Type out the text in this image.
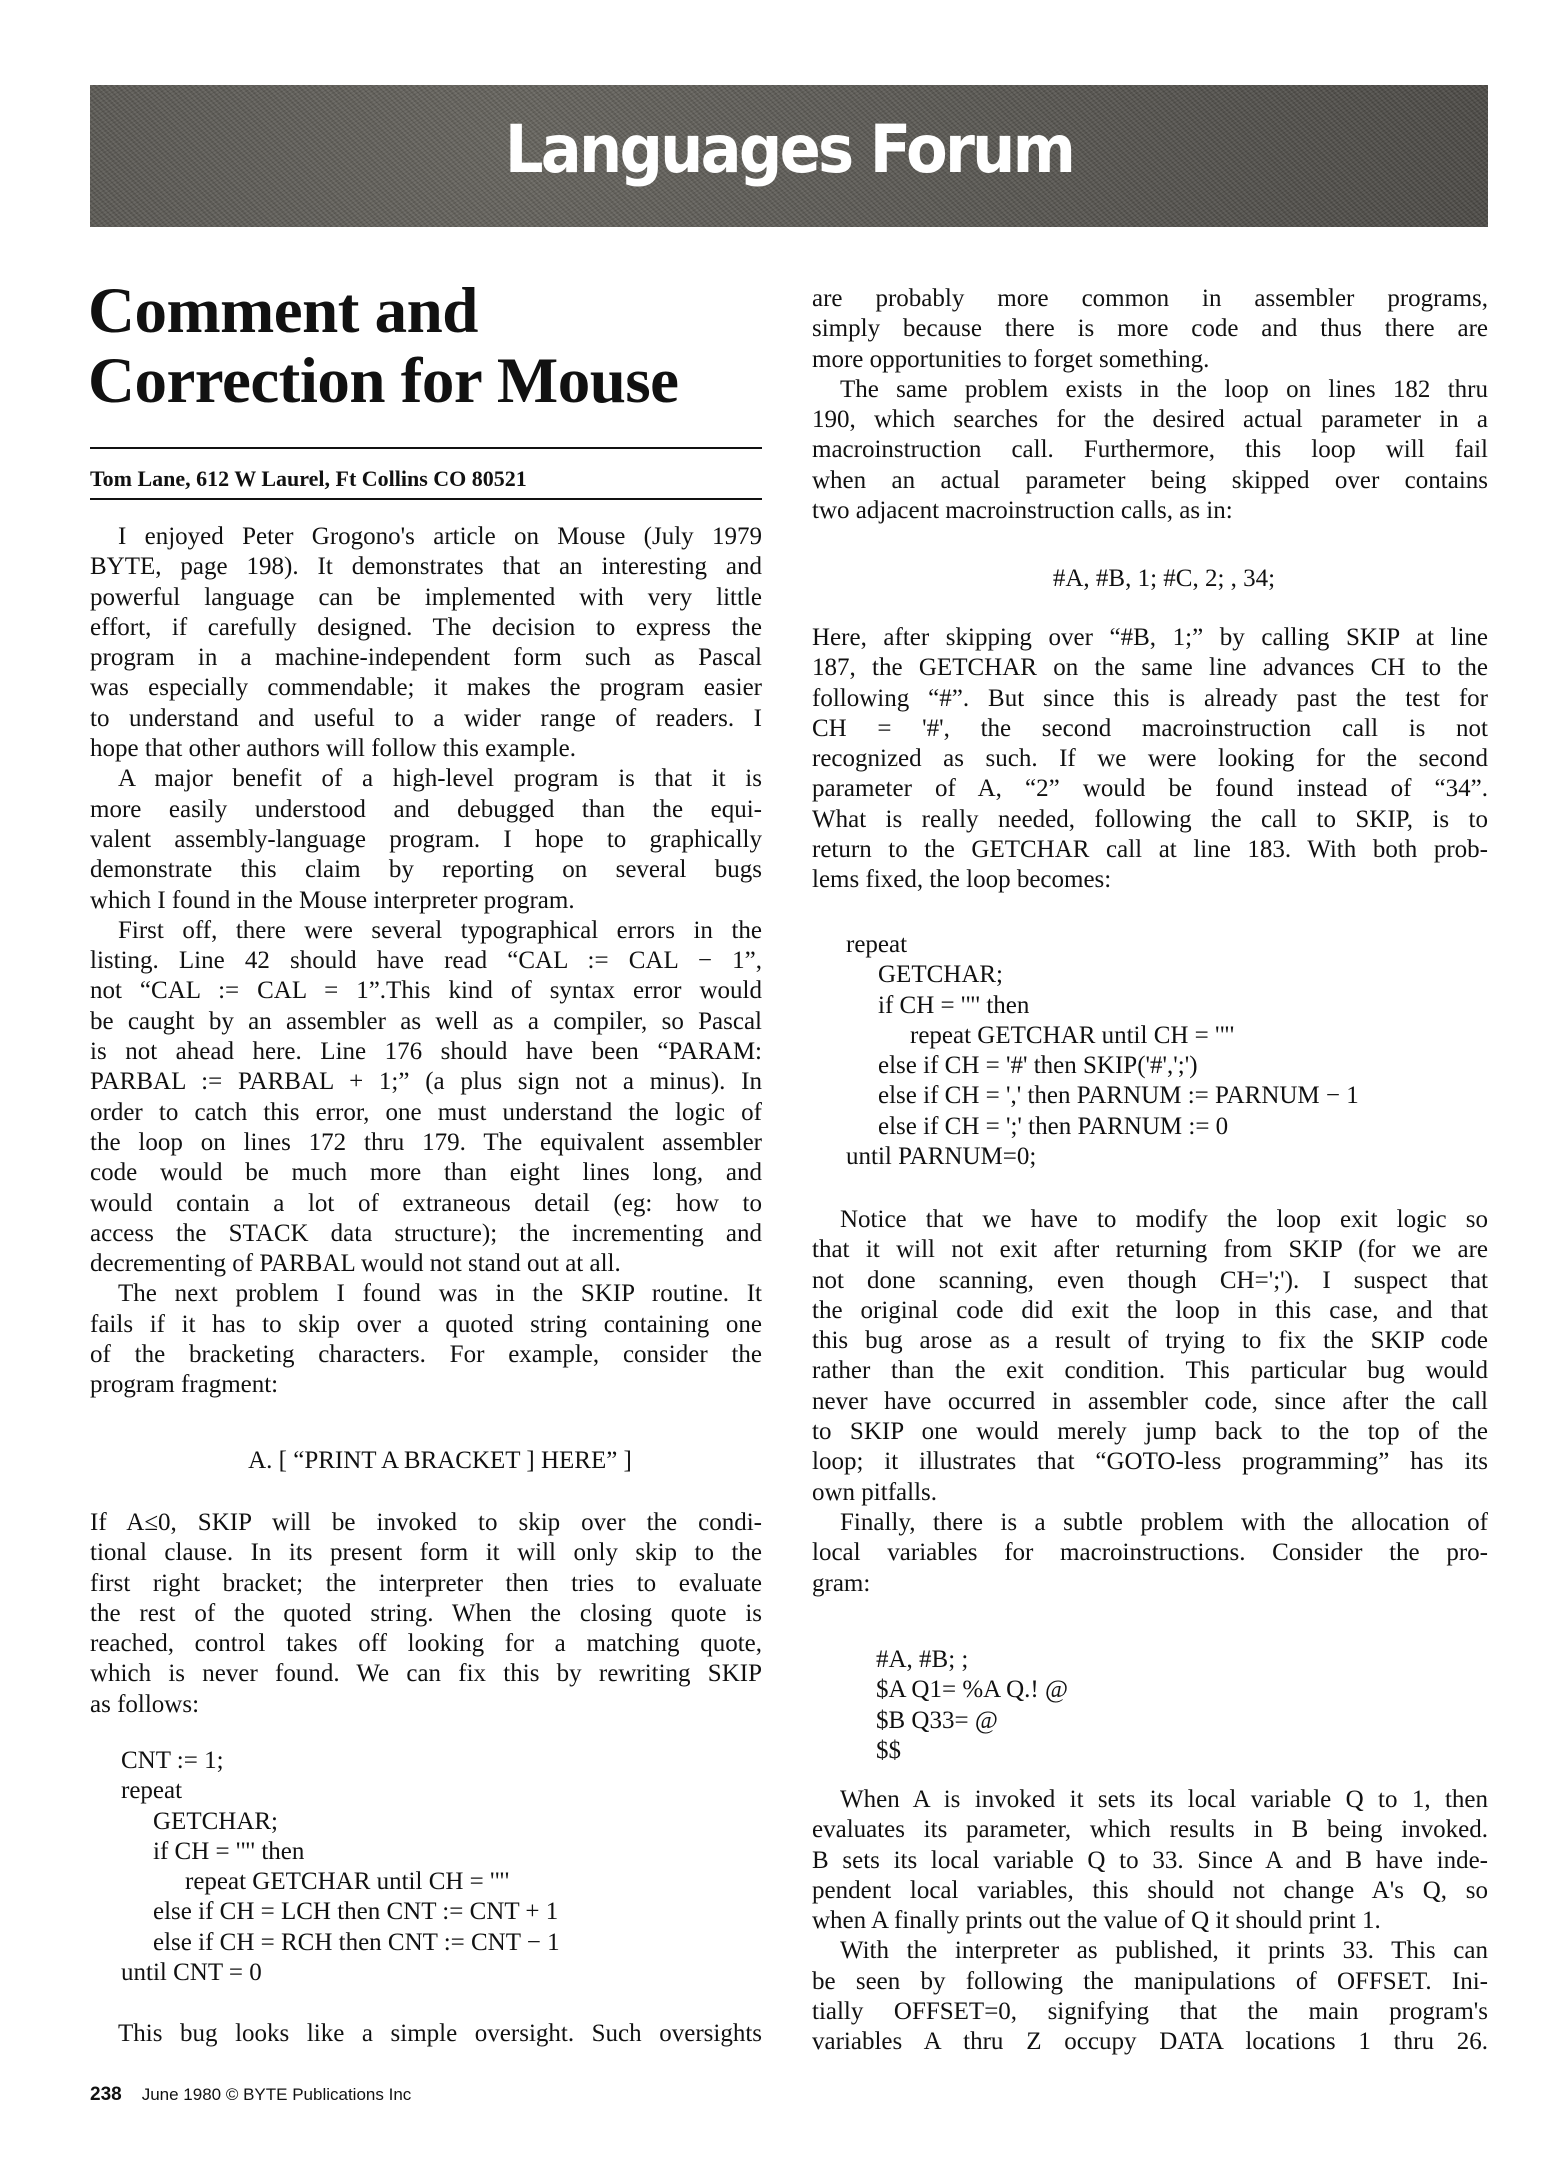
Languages Forum
Comment and
Correction for Mouse
Tom Lane, 612 W Laurel, Ft Collins CO 80521
I enjoyed Peter Grogono's article on Mouse (July 1979
BYTE, page 198). It demonstrates that an interesting and
powerful language can be implemented with very little
effort, if carefully designed. The decision to express the
program in a machine-independent form such as Pascal
was especially commendable; it makes the program easier
to understand and useful to a wider range of readers. I
hope that other authors will follow this example.
A major benefit of a high-level program is that it is
more easily understood and debugged than the equi-
valent assembly-language program. I hope to graphically
demonstrate this claim by reporting on several bugs
which I found in the Mouse interpreter program.
First off, there were several typographical errors in the
listing. Line 42 should have read “CAL := CAL − 1”,
not “CAL := CAL = 1”.This kind of syntax error would
be caught by an assembler as well as a compiler, so Pascal
is not ahead here. Line 176 should have been “PARAM:
PARBAL := PARBAL + 1;” (a plus sign not a minus). In
order to catch this error, one must understand the logic of
the loop on lines 172 thru 179. The equivalent assembler
code would be much more than eight lines long, and
would contain a lot of extraneous detail (eg: how to
access the STACK data structure); the incrementing and
decrementing of PARBAL would not stand out at all.
The next problem I found was in the SKIP routine. It
fails if it has to skip over a quoted string containing one
of the bracketing characters. For example, consider the
program fragment:
A. [ “PRINT A BRACKET ] HERE” ]
If A≤0, SKIP will be invoked to skip over the condi-
tional clause. In its present form it will only skip to the
first right bracket; the interpreter then tries to evaluate
the rest of the quoted string. When the closing quote is
reached, control takes off looking for a matching quote,
which is never found. We can fix this by rewriting SKIP
as follows:
CNT := 1;
repeat
GETCHAR;
if CH = '"' then
repeat GETCHAR until CH = '"'
else if CH = LCH then CNT := CNT + 1
else if CH = RCH then CNT := CNT − 1
until CNT = 0
This bug looks like a simple oversight. Such oversights
are probably more common in assembler programs,
simply because there is more code and thus there are
more opportunities to forget something.
The same problem exists in the loop on lines 182 thru
190, which searches for the desired actual parameter in a
macroinstruction call. Furthermore, this loop will fail
when an actual parameter being skipped over contains
two adjacent macroinstruction calls, as in:
#A, #B, 1; #C, 2; , 34;
Here, after skipping over “#B, 1;” by calling SKIP at line
187, the GETCHAR on the same line advances CH to the
following “#”. But since this is already past the test for
CH = '#', the second macroinstruction call is not
recognized as such. If we were looking for the second
parameter of A, “2” would be found instead of “34”.
What is really needed, following the call to SKIP, is to
return to the GETCHAR call at line 183. With both prob-
lems fixed, the loop becomes:
repeat
GETCHAR;
if CH = '"' then
repeat GETCHAR until CH = '"'
else if CH = '#' then SKIP('#',';')
else if CH = ',' then PARNUM := PARNUM − 1
else if CH = ';' then PARNUM := 0
until PARNUM=0;
Notice that we have to modify the loop exit logic so
that it will not exit after returning from SKIP (for we are
not done scanning, even though CH=';'). I suspect that
the original code did exit the loop in this case, and that
this bug arose as a result of trying to fix the SKIP code
rather than the exit condition. This particular bug would
never have occurred in assembler code, since after the call
to SKIP one would merely jump back to the top of the
loop; it illustrates that “GOTO-less programming” has its
own pitfalls.
Finally, there is a subtle problem with the allocation of
local variables for macroinstructions. Consider the pro-
gram:
#A, #B; ;
$A Q1= %A Q.! @
$B Q33= @
$$
When A is invoked it sets its local variable Q to 1, then
evaluates its parameter, which results in B being invoked.
B sets its local variable Q to 33. Since A and B have inde-
pendent local variables, this should not change A's Q, so
when A finally prints out the value of Q it should print 1.
With the interpreter as published, it prints 33. This can
be seen by following the manipulations of OFFSET. Ini-
tially OFFSET=0, signifying that the main program's
variables A thru Z occupy DATA locations 1 thru 26.
238 June 1980 © BYTE Publications Inc
